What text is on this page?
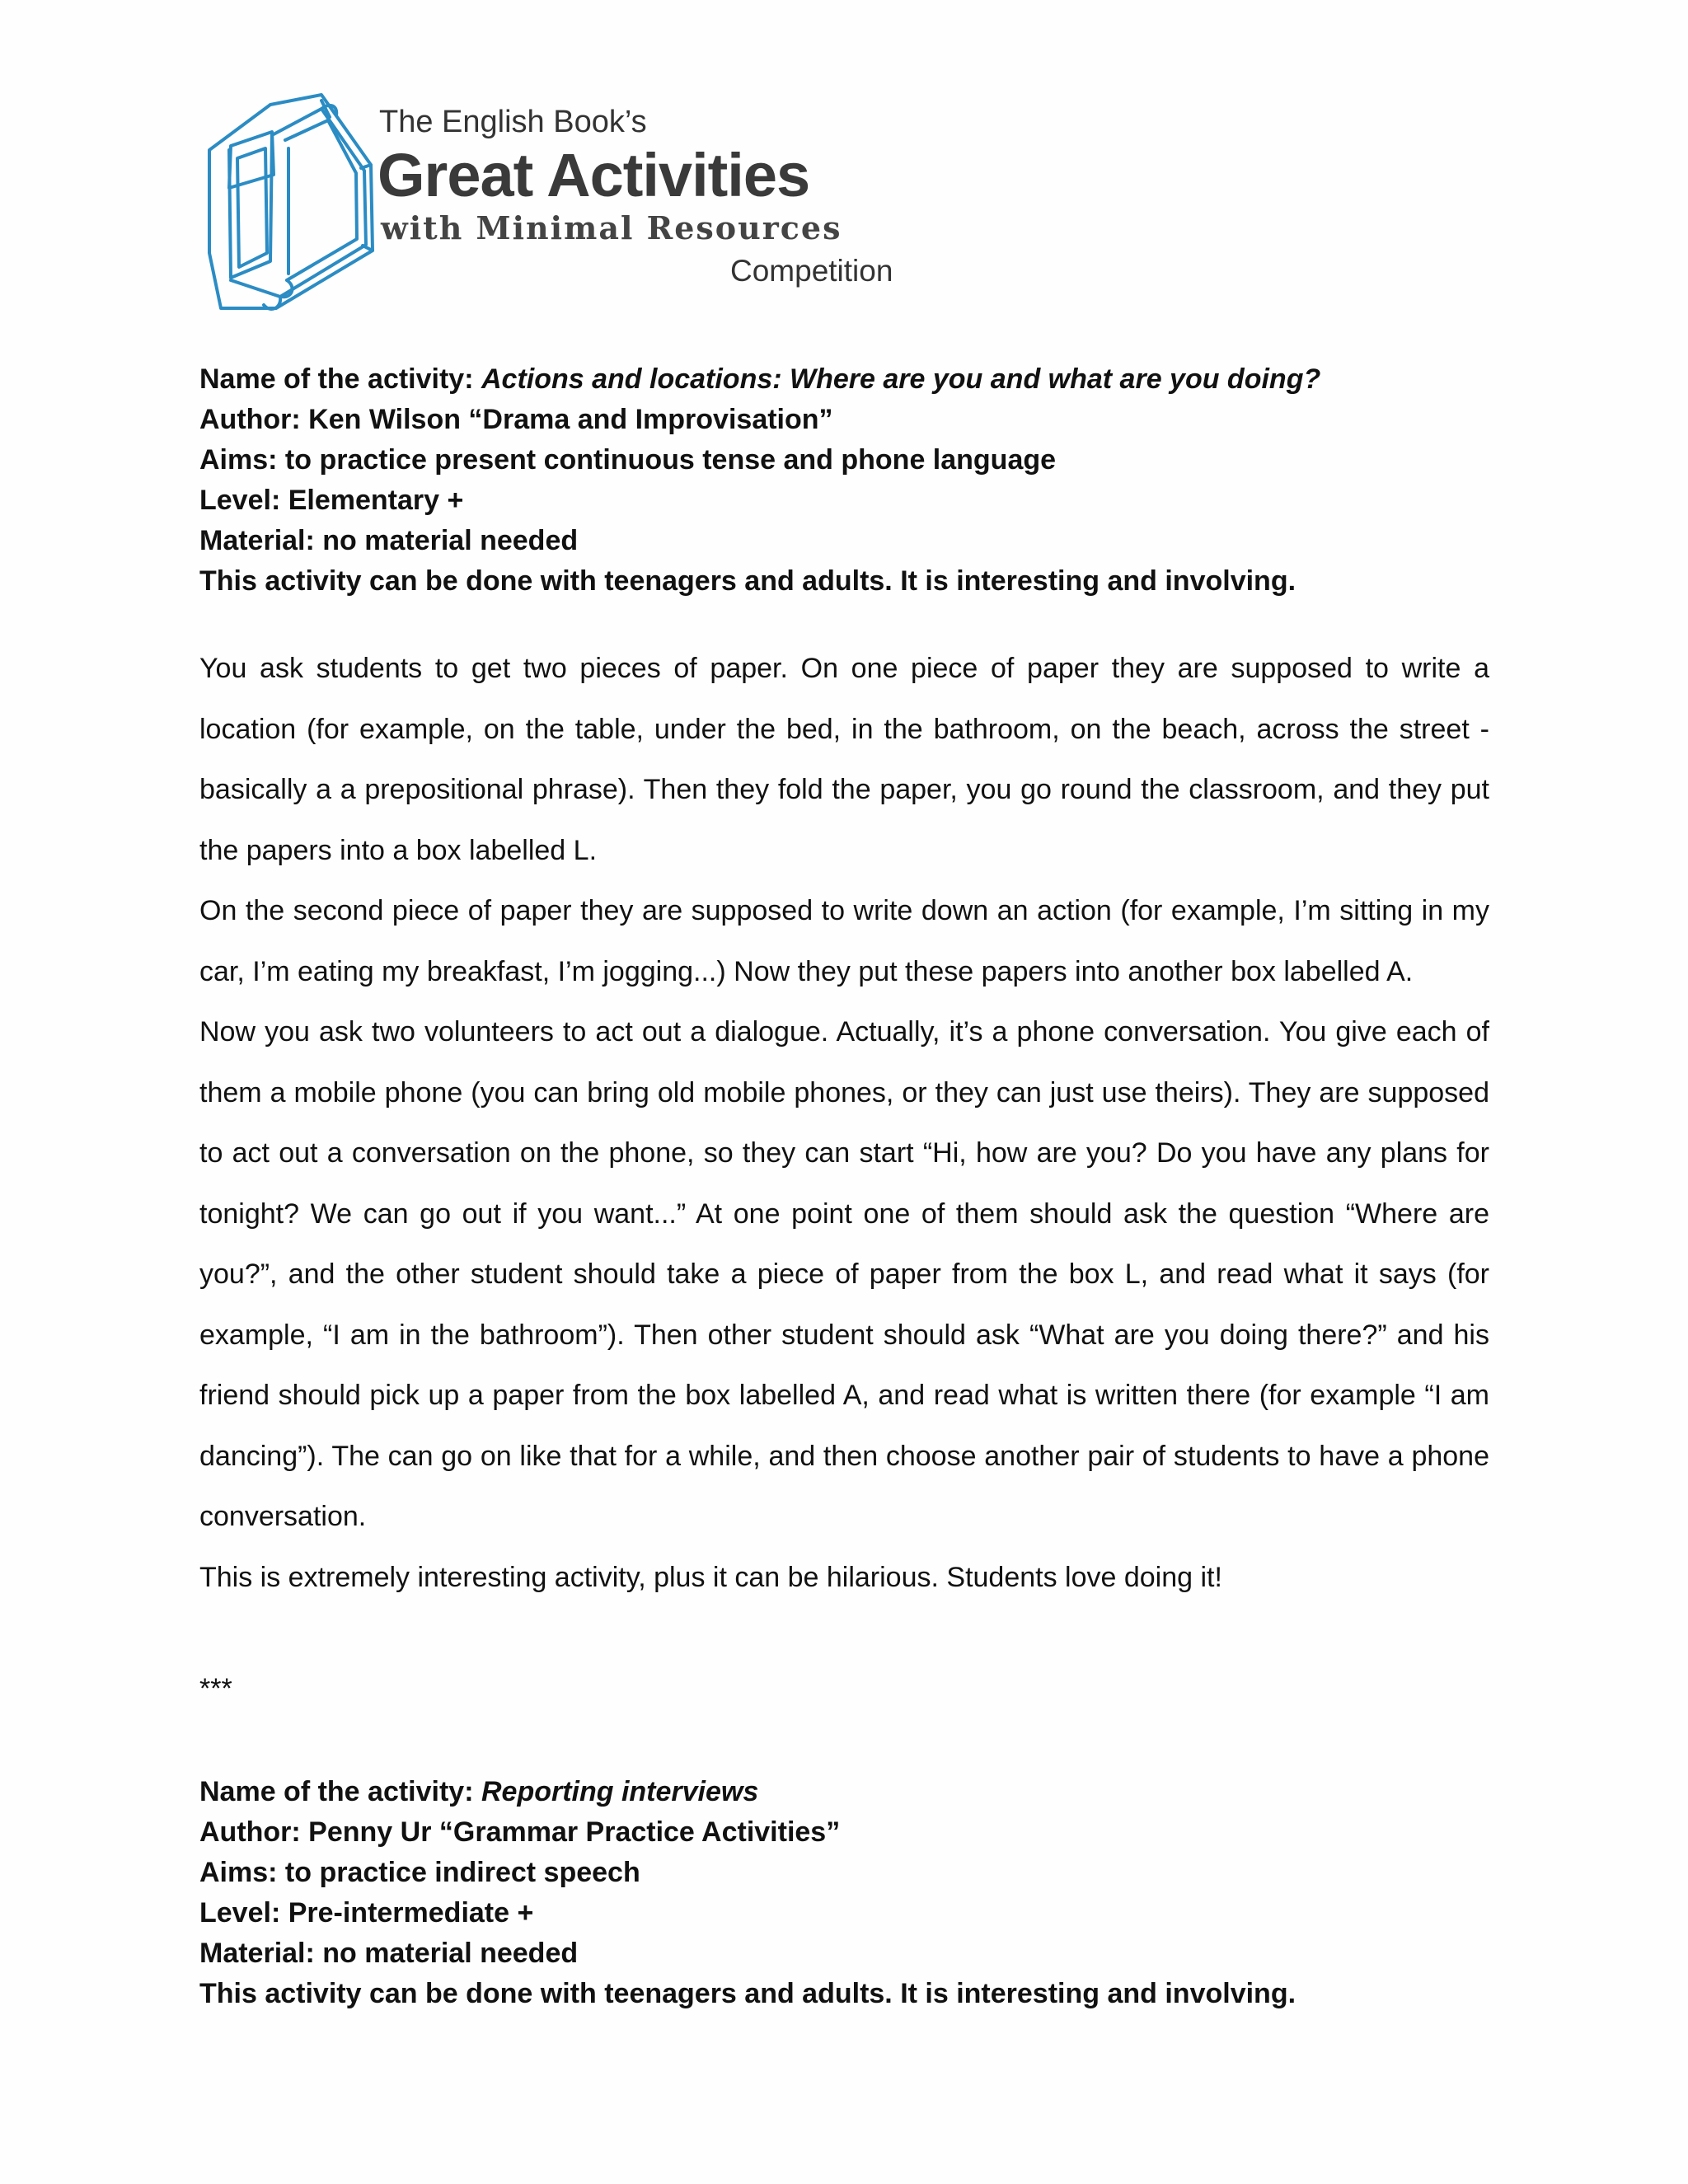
The English Book’s
Great Activities
with Minimal Resources
Competition
Name of the activity: Actions and locations: Where are you and what are you doing?
Author: Ken Wilson “Drama and Improvisation”
Aims: to practice present continuous tense and phone language
Level: Elementary +
Material: no material needed
This activity can be done with teenagers and adults. It is interesting and involving.

You ask students to get two pieces of paper. On one piece of paper they are supposed to write a location (for example, on the table, under the bed, in the bathroom, on the beach, across the street - basically a a prepositional phrase). Then they fold the paper, you go round the classroom, and they put the papers into a box labelled L.

On the second piece of paper they are supposed to write down an action (for example, I’m sitting in my car, I’m eating my breakfast, I’m jogging...) Now they put these papers into another box labelled A.

Now you ask two volunteers to act out a dialogue. Actually, it’s a phone conversation. You give each of them a mobile phone (you can bring old mobile phones, or they can just use theirs). They are supposed to act out a conversation on the phone, so they can start “Hi, how are you? Do you have any plans for tonight? We can go out if you want...” At one point one of them should ask the question “Where are you?”, and the other student should take a piece of paper from the box L, and read what it says (for example, “I am in the bathroom”). Then other student should ask “What are you doing there?” and his friend should pick up a paper from the box labelled A, and read what is written there (for example “I am dancing”). The can go on like that for a while, and then choose another pair of students to have a phone conversation.

This is extremely interesting activity, plus it can be hilarious. Students love doing it!

***
Name of the activity: Reporting interviews
Author: Penny Ur “Grammar Practice Activities”
Aims: to practice indirect speech
Level: Pre-intermediate +
Material: no material needed
This activity can be done with teenagers and adults. It is interesting and involving.
